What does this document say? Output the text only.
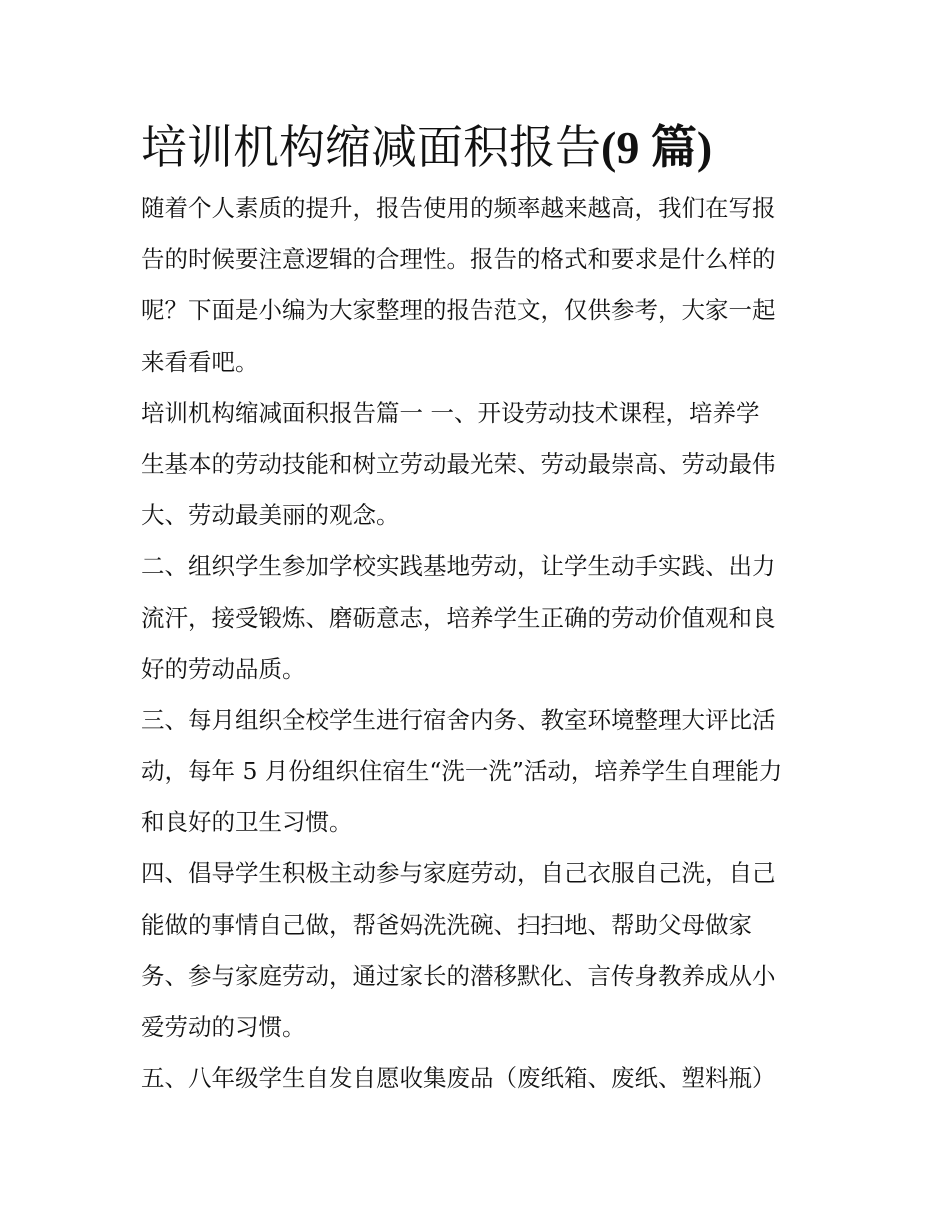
培训机构缩减面积报告(9 篇)

随着个人素质的提升，报告使用的频率越来越高，我们在写报
告的时候要注意逻辑的合理性。报告的格式和要求是什么样的
呢？下面是小编为大家整理的报告范文，仅供参考，大家一起
来看看吧。

培训机构缩减面积报告篇一 一、开设劳动技术课程，培养学
生基本的劳动技能和树立劳动最光荣、劳动最崇高、劳动最伟
大、劳动最美丽的观念。

二、组织学生参加学校实践基地劳动，让学生动手实践、出力
流汗，接受锻炼、磨砺意志，培养学生正确的劳动价值观和良
好的劳动品质。

三、每月组织全校学生进行宿舍内务、教室环境整理大评比活
动，每年 5 月份组织住宿生“洗一洗”活动，培养学生自理能力
和良好的卫生习惯。

四、倡导学生积极主动参与家庭劳动，自己衣服自己洗，自己
能做的事情自己做，帮爸妈洗洗碗、扫扫地、帮助父母做家
务、参与家庭劳动，通过家长的潜移默化、言传身教养成从小
爱劳动的习惯。

五、八年级学生自发自愿收集废品（废纸箱、废纸、塑料瓶）
